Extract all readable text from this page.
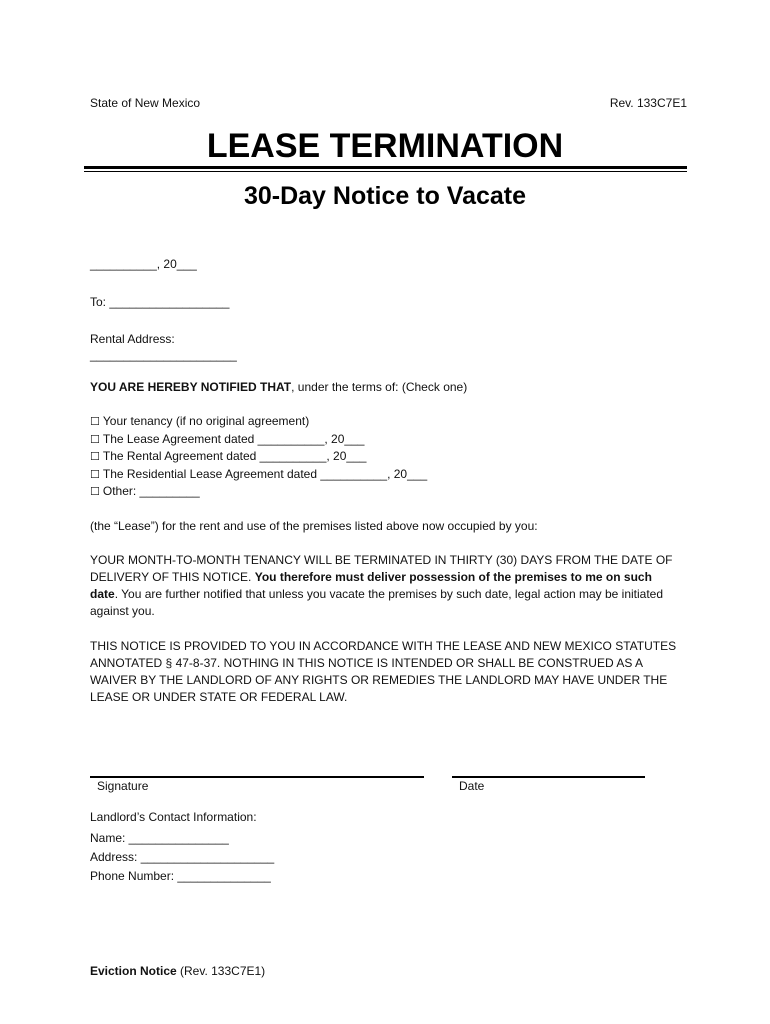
State of New Mexico	Rev. 133C7E1
LEASE TERMINATION
30-Day Notice to Vacate
__________, 20___
To: __________________
Rental Address:
______________________
YOU ARE HEREBY NOTIFIED THAT, under the terms of: (Check one)
☐ Your tenancy (if no original agreement)
☐ The Lease Agreement dated __________, 20___
☐ The Rental Agreement dated __________, 20___
☐ The Residential Lease Agreement dated __________, 20___
☐ Other: _________
(the “Lease”) for the rent and use of the premises listed above now occupied by you:
YOUR MONTH-TO-MONTH TENANCY WILL BE TERMINATED IN THIRTY (30) DAYS FROM THE DATE OF DELIVERY OF THIS NOTICE. You therefore must deliver possession of the premises to me on such date. You are further notified that unless you vacate the premises by such date, legal action may be initiated against you.
THIS NOTICE IS PROVIDED TO YOU IN ACCORDANCE WITH THE LEASE AND NEW MEXICO STATUTES ANNOTATED § 47-8-37. NOTHING IN THIS NOTICE IS INTENDED OR SHALL BE CONSTRUED AS A WAIVER BY THE LANDLORD OF ANY RIGHTS OR REMEDIES THE LANDLORD MAY HAVE UNDER THE LEASE OR UNDER STATE OR FEDERAL LAW.
Signature	Date
Landlord’s Contact Information:
Name: _______________
Address: ____________________
Phone Number: ______________
Eviction Notice (Rev. 133C7E1)
